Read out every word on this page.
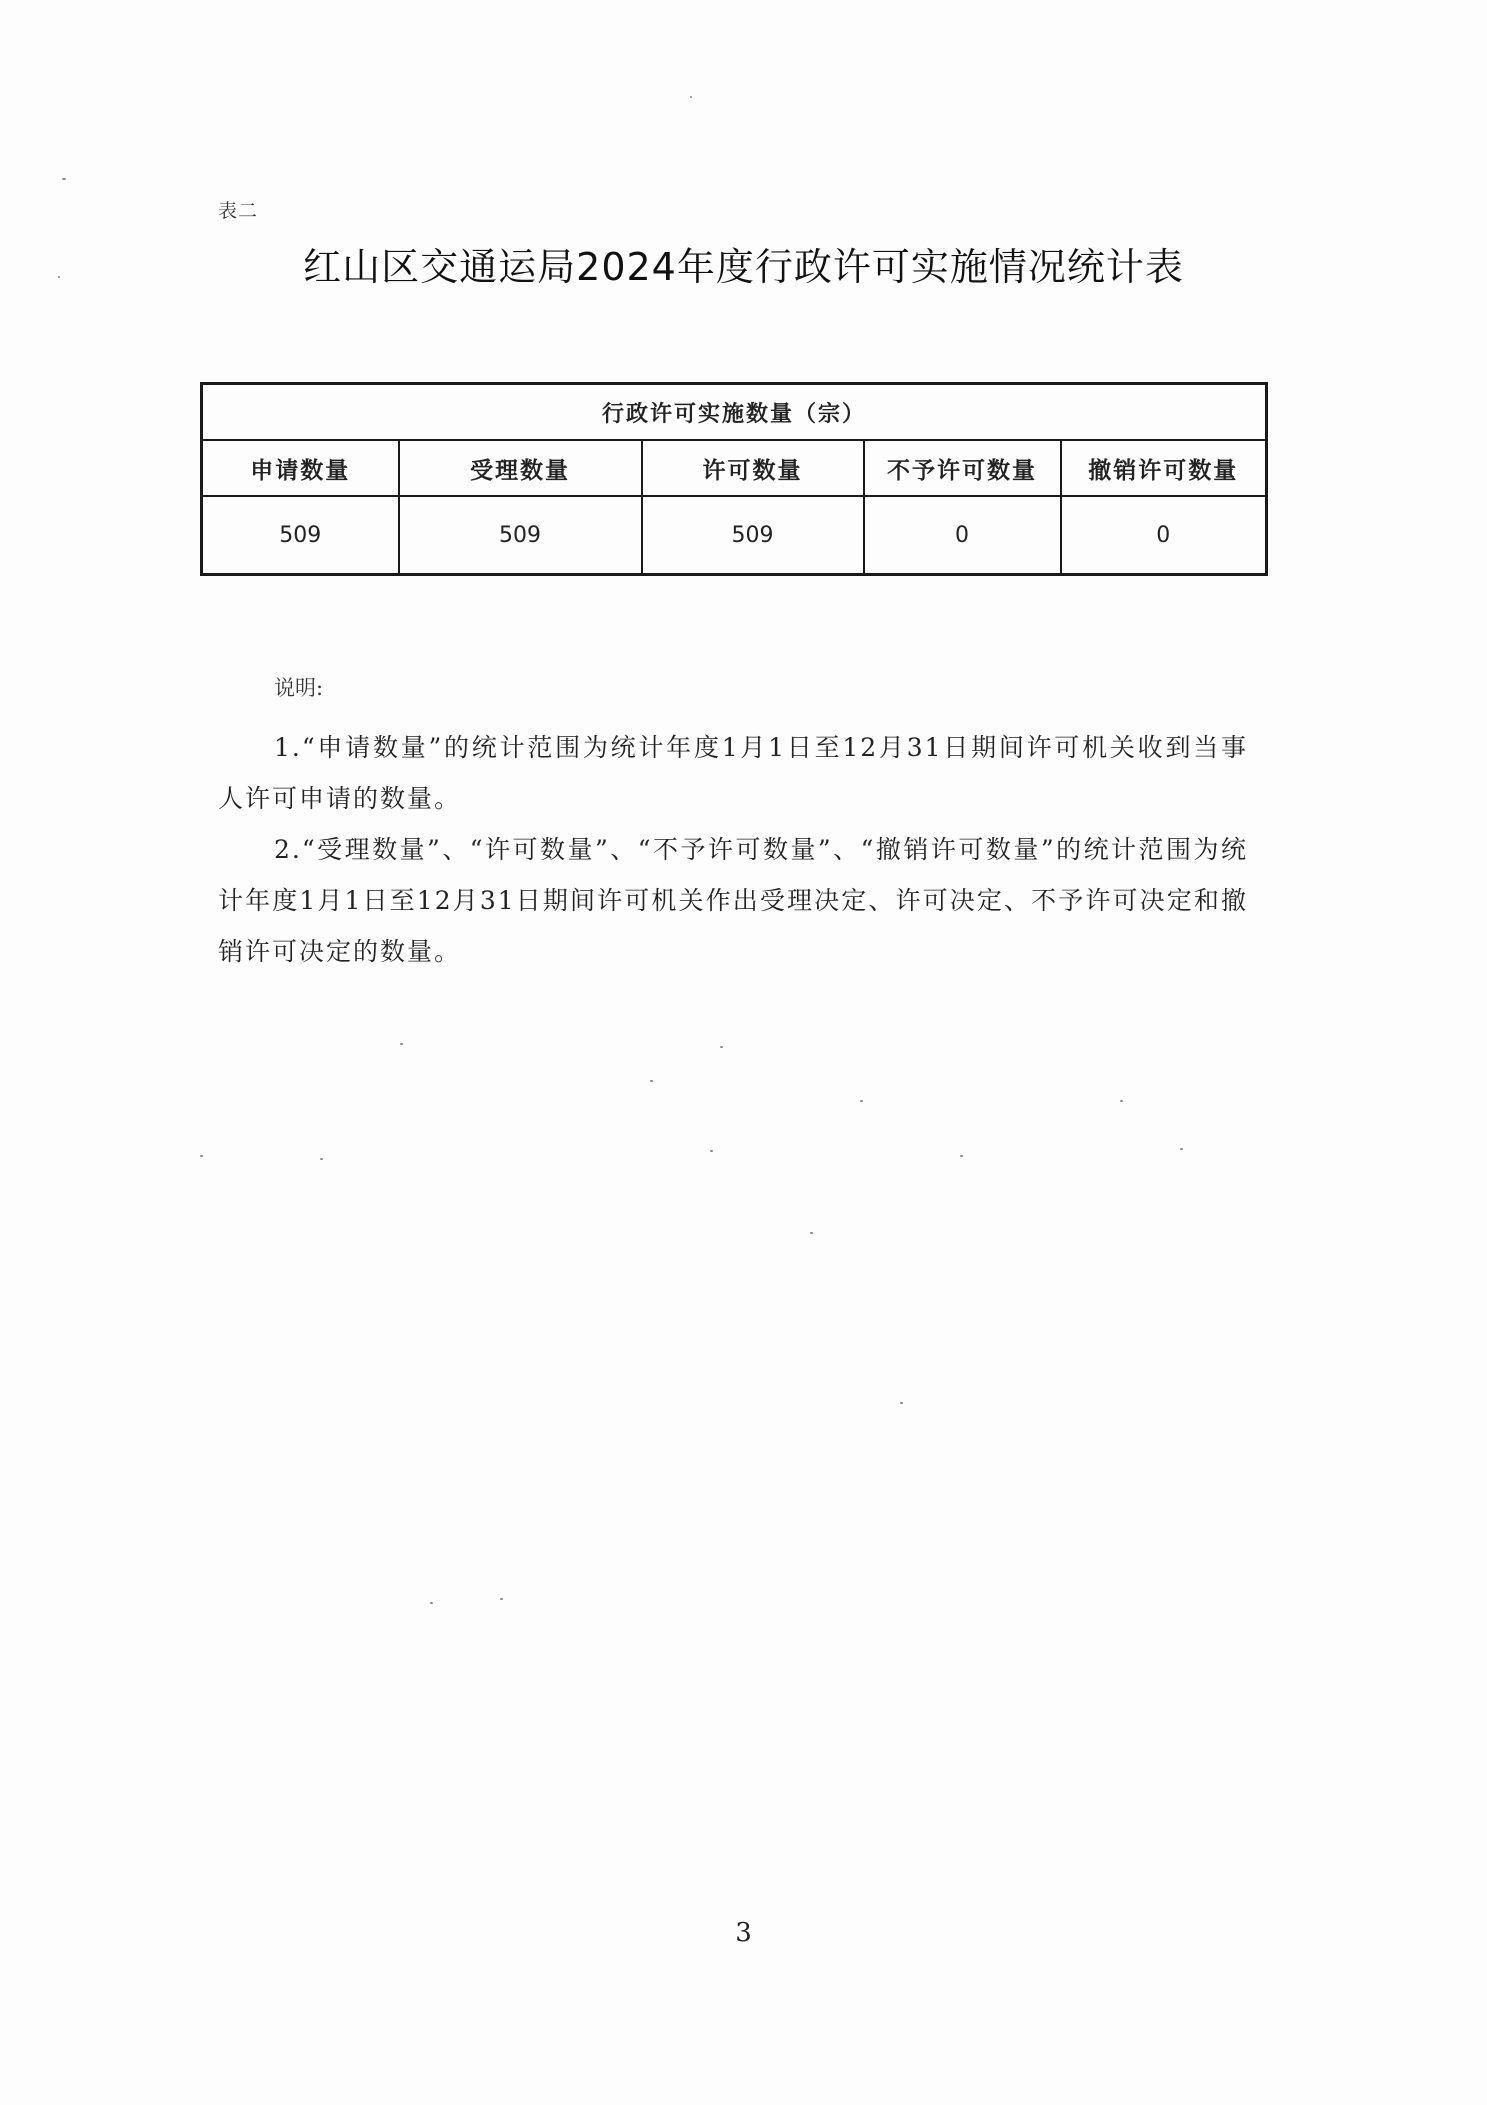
表二
红山区交通运局2024年度行政许可实施情况统计表
行政许可实施数量（宗）				
申请数量	受理数量	许可数量	不予许可数量	撤销许可数量
509	509	509	0	0
说明:

1.“申请数量”的统计范围为统计年度1月1日至12月31日期间许可机关收到当事人许可申请的数量。

2.“受理数量”、“许可数量”、“不予许可数量”、“撤销许可数量”的统计范围为统计年度1月1日至12月31日期间许可机关作出受理决定、许可决定、不予许可决定和撤销许可决定的数量。

3
